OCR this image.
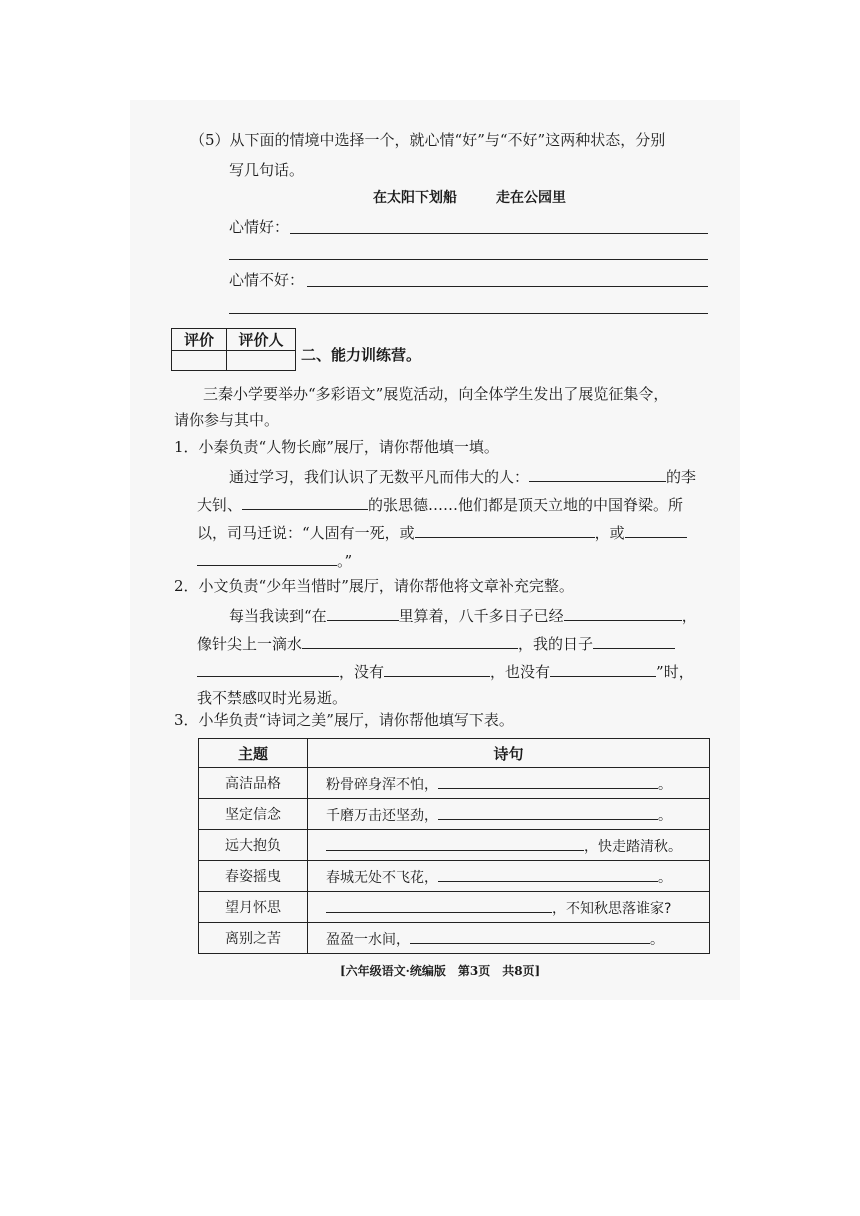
（5）从下面的情境中选择一个，就心情“好”与“不好”这两种状态，分别
写几句话。
在太阳下划船	走在公园里
心情好：
心情不好：
评价	评价人

二、能力训练营。
三秦小学要举办“多彩语文”展览活动，向全体学生发出了展览征集令，
请你参与其中。
1．小秦负责“人物长廊”展厅，请你帮他填一填。
通过学习，我们认识了无数平凡而伟大的人：	的李
大钊、	的张思德……他们都是顶天立地的中国脊梁。所
以，司马迁说：“人固有一死，或	，或
。”
2．小文负责“少年当惜时”展厅，请你帮他将文章补充完整。
每当我读到“在	里算着，八千多日子已经	，
像针尖上一滴水	，我的日子
，没有	，也没有	”时，
我不禁感叹时光易逝。
3．小华负责“诗词之美”展厅，请你帮他填写下表。
主题	诗句
高洁品格	粉骨碎身浑不怕， 。
坚定信念	千磨万击还坚劲， 。
远大抱负	，快走踏清秋。
春姿摇曳	春城无处不飞花， 。
望月怀思	，不知秋思落谁家?
离别之苦	盈盈一水间， 。
[六年级语文·统编版　第3页　共8页]
